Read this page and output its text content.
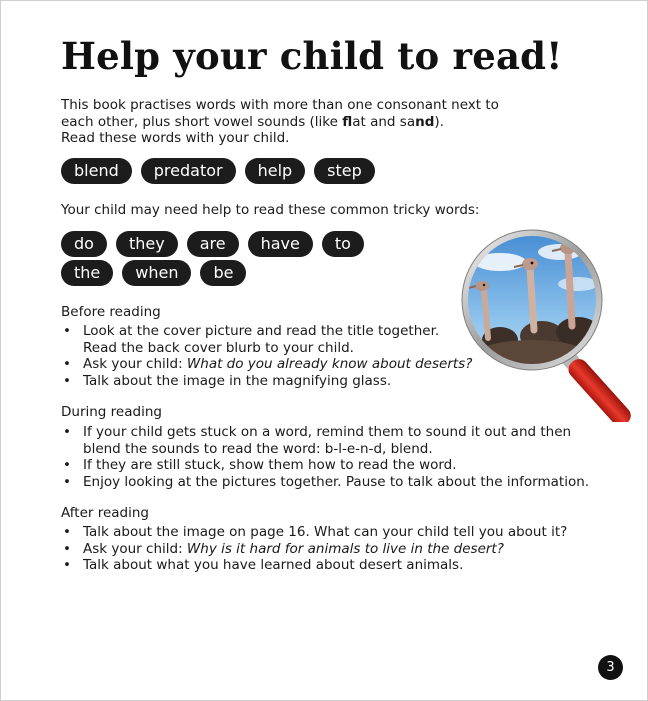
Help your child to read!
This book practises words with more than one consonant next to
each other, plus short vowel sounds (like flat and sand).
Read these words with your child.
blend	predator	help	step
Your child may need help to read these common tricky words:
do	they	are	have	to
the	when	be
Before reading
• Look at the cover picture and read the title together.
Read the back cover blurb to your child.
• Ask your child: What do you already know about deserts?
• Talk about the image in the magnifying glass.
During reading
• If your child gets stuck on a word, remind them to sound it out and then
blend the sounds to read the word: b-l-e-n-d, blend.
• If they are still stuck, show them how to read the word.
• Enjoy looking at the pictures together. Pause to talk about the information.
After reading
• Talk about the image on page 16. What can your child tell you about it?
• Ask your child: Why is it hard for animals to live in the desert?
• Talk about what you have learned about desert animals.
3
